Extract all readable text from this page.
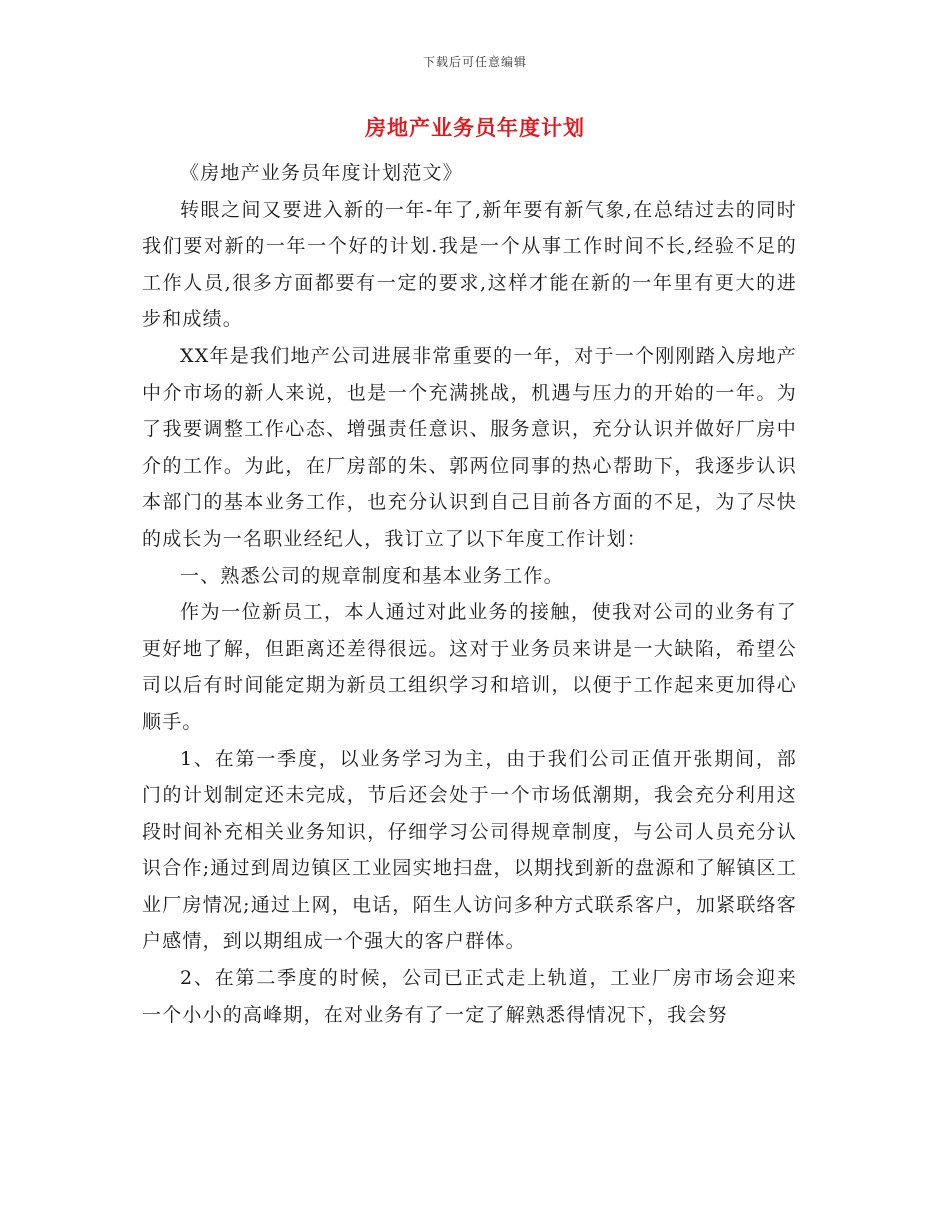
下载后可任意编辑
房地产业务员年度计划

《房地产业务员年度计划范文》

转眼之间又要进入新的一年-年了,新年要有新气象,在总结过去的同时我们要对新的一年一个好的计划.我是一个从事工作时间不长,经验不足的工作人员,很多方面都要有一定的要求,这样才能在新的一年里有更大的进步和成绩。

XX年是我们地产公司进展非常重要的一年，对于一个刚刚踏入房地产中介市场的新人来说，也是一个充满挑战，机遇与压力的开始的一年。为了我要调整工作心态、增强责任意识、服务意识，充分认识并做好厂房中介的工作。为此，在厂房部的朱、郭两位同事的热心帮助下，我逐步认识本部门的基本业务工作，也充分认识到自己目前各方面的不足，为了尽快的成长为一名职业经纪人，我订立了以下年度工作计划：

一、熟悉公司的规章制度和基本业务工作。

作为一位新员工，本人通过对此业务的接触，使我对公司的业务有了更好地了解，但距离还差得很远。这对于业务员来讲是一大缺陷，希望公司以后有时间能定期为新员工组织学习和培训，以便于工作起来更加得心顺手。

1、在第一季度，以业务学习为主，由于我们公司正值开张期间，部门的计划制定还未完成，节后还会处于一个市场低潮期，我会充分利用这段时间补充相关业务知识，仔细学习公司得规章制度，与公司人员充分认识合作;通过到周边镇区工业园实地扫盘，以期找到新的盘源和了解镇区工业厂房情况;通过上网，电话，陌生人访问多种方式联系客户，加紧联络客户感情，到以期组成一个强大的客户群体。

2、在第二季度的时候，公司已正式走上轨道，工业厂房市场会迎来一个小小的高峰期，在对业务有了一定了解熟悉得情况下，我会努
